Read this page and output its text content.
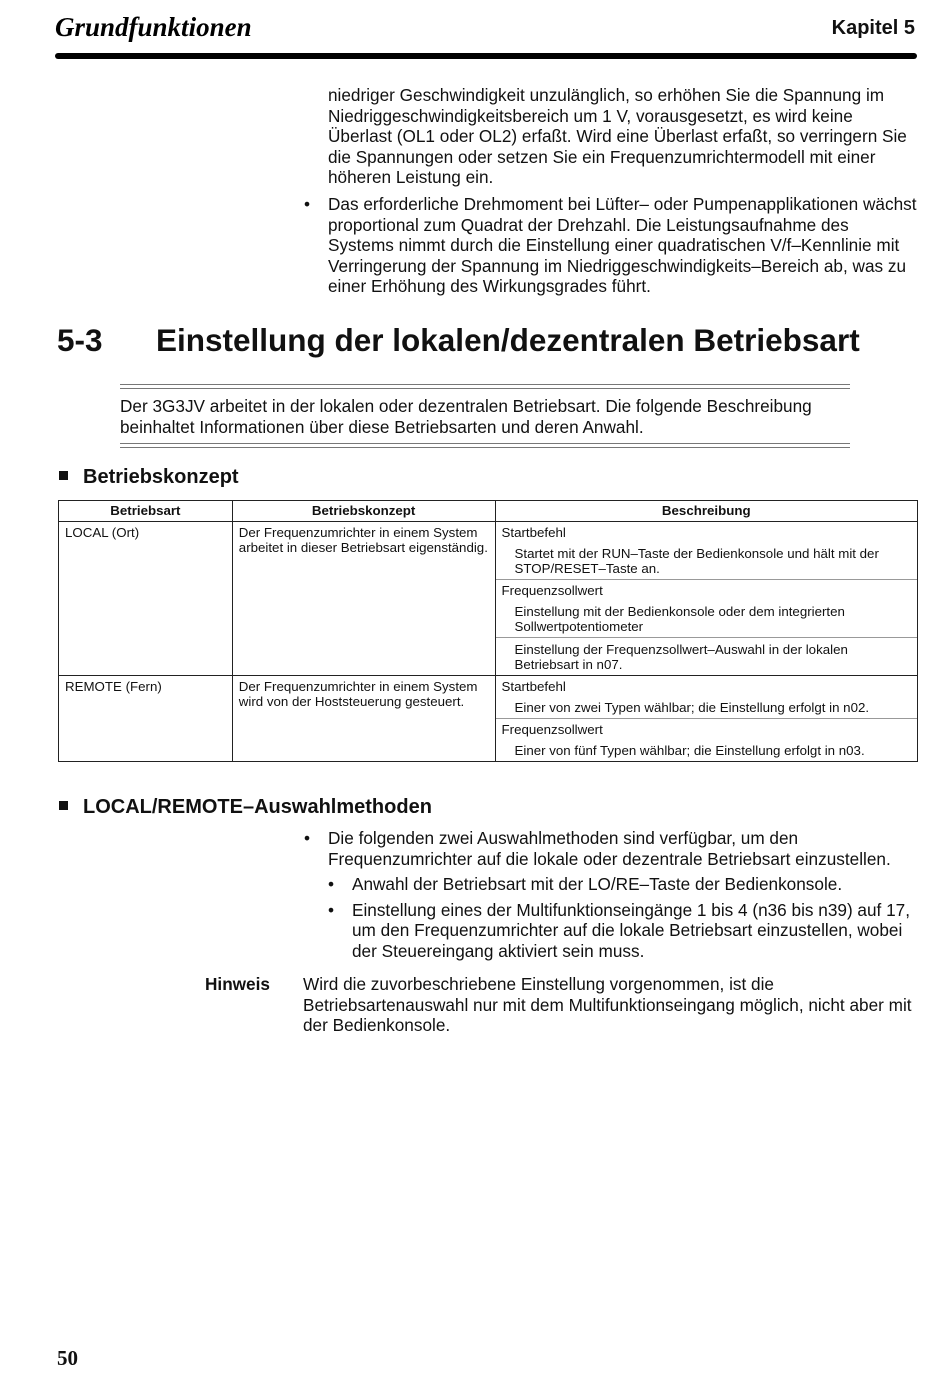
Grundfunktionen	Kapitel 5

niedriger Geschwindigkeit unzulänglich, so erhöhen Sie die Spannung im Niedriggeschwindigkeitsbereich um 1 V, vorausgesetzt, es wird keine Überlast (OL1 oder OL2) erfaßt. Wird eine Überlast erfaßt, so verringern Sie die Spannungen oder setzen Sie ein Frequenzumrichtermodell mit einer höheren Leistung ein.

• Das erforderliche Drehmoment bei Lüfter– oder Pumpenapplikationen wächst proportional zum Quadrat der Drehzahl. Die Leistungsaufnahme des Systems nimmt durch die Einstellung einer quadratischen V/f–Kennlinie mit Verringerung der Spannung im Niedriggeschwindigkeits–Bereich ab, was zu einer Erhöhung des Wirkungsgrades führt.
5-3 Einstellung der lokalen/dezentralen Betriebsart
Der 3G3JV arbeitet in der lokalen oder dezentralen Betriebsart. Die folgende Beschreibung beinhaltet Informationen über diese Betriebsarten und deren Anwahl.
Betriebskonzept
Betriebsart	Betriebskonzept	Beschreibung
LOCAL (Ort)	Der Frequenzumrichter in einem System arbeitet in dieser Betriebsart eigenständig.	Startbefehl
Startet mit der RUN–Taste der Bedienkonsole und hält mit der STOP/RESET–Taste an.
Frequenzsollwert
Einstellung mit der Bedienkonsole oder dem integrierten Sollwertpotentiometer
Einstellung der Frequenzsollwert–Auswahl in der lokalen Betriebsart in n07.

REMOTE (Fern)	Der Frequenzumrichter in einem System wird von der Hoststeuerung gesteuert.	Startbefehl
Einer von zwei Typen wählbar; die Einstellung erfolgt in n02.
Frequenzsollwert
Einer von fünf Typen wählbar; die Einstellung erfolgt in n03.
LOCAL/REMOTE–Auswahlmethoden
• Die folgenden zwei Auswahlmethoden sind verfügbar, um den Frequenzumrichter auf die lokale oder dezentrale Betriebsart einzustellen.
• Anwahl der Betriebsart mit der LO/RE–Taste der Bedienkonsole.
• Einstellung eines der Multifunktionseingänge 1 bis 4 (n36 bis n39) auf 17, um den Frequenzumrichter auf die lokale Betriebsart einzustellen, wobei der Steuereingang aktiviert sein muss.
Hinweis Wird die zuvorbeschriebene Einstellung vorgenommen, ist die Betriebsartenauswahl nur mit dem Multifunktionseingang möglich, nicht aber mit der Bedienkonsole.
50
